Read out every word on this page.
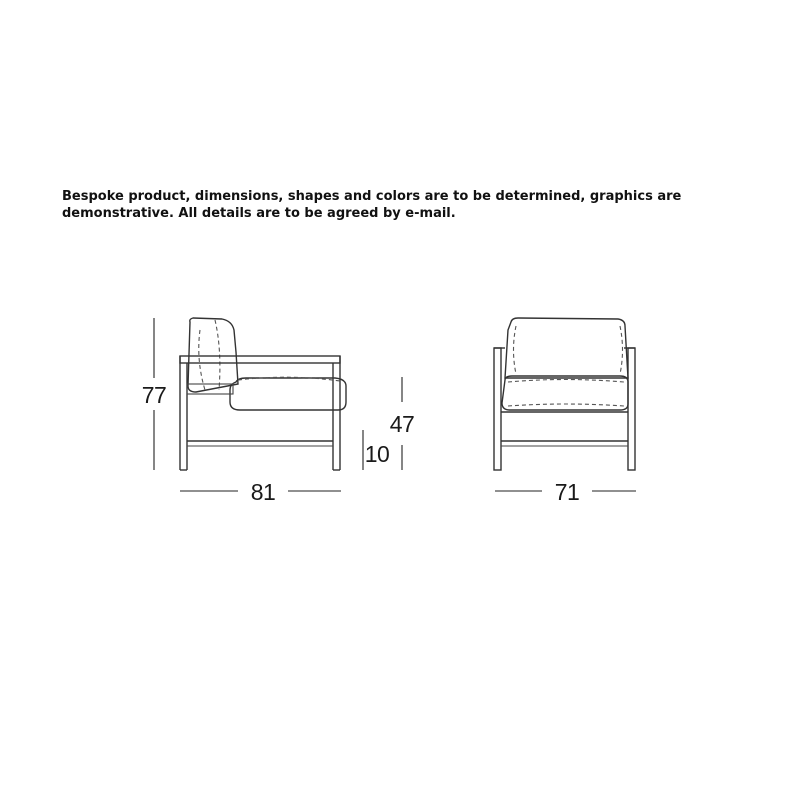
Bespoke product, dimensions, shapes and colors are to be determined, graphics are
demonstrative. All details are to be agreed by e-mail.

77
81
47
10
71
